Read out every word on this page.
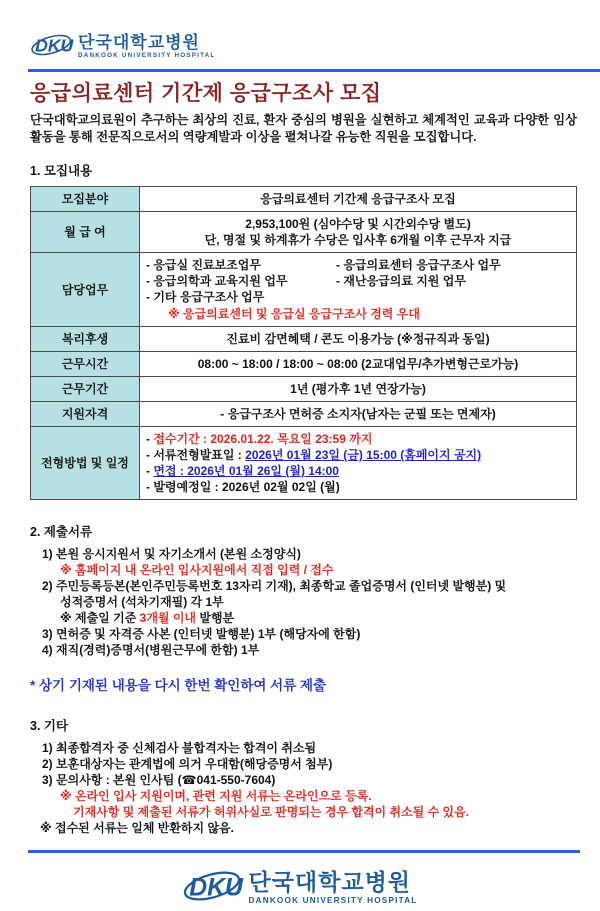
DKU 단국대학교병원
DANKOOK UNIVERSITY HOSPITAL
응급의료센터 기간제 응급구조사 모집
단국대학교의료원이 추구하는 최상의 진료, 환자 중심의 병원을 실현하고 체계적인 교육과 다양한 임상활동을 통해 전문직으로서의 역량계발과 이상을 펼쳐나갈 유능한 직원을 모집합니다.
1. 모집내용
모집분야	응급의료센터 기간제 응급구조사 모집
월 급 여	2,953,100원 (심야수당 및 시간외수당 별도)
단, 명절 및 하계휴가 수당은 입사후 6개월 이후 근무자 지급

담당업무	
- 응급실 진료보조업무	- 응급의료센터 응급구조사 업무
- 응급의학과 교육지원 업무	- 재난응급의료 지원 업무
- 기타 응급구조사 업무
※ 응급의료센터 및 응급실 응급구조사 경력 우대

복리후생	진료비 감면혜택 / 콘도 이용가능 (※정규직과 동일)
근무시간	08:00 ~ 18:00 / 18:00 ~ 08:00 (2교대업무/추가변형근로가능)
근무기간	1년 (평가후 1년 연장가능)
지원자격	- 응급구조사 면허증 소지자(남자는 군필 또는 면제자)
전형방법 및 일정	- 접수기간 : 2026.01.22. 목요일 23:59 까지
- 서류전형발표일 : 2026년 01월 23일 (금) 15:00 (홈페이지 공지)
- 면접 : 2026년 01월 26일 (월) 14:00
- 발령예정일 : 2026년 02월 02일 (월)
2. 제출서류
1) 본원 응시지원서 및 자기소개서 (본원 소정양식)
※ 홈페이지 내 온라인 입사지원에서 직접 입력 / 접수
2) 주민등록등본(본인주민등록번호 13자리 기재), 최종학교 졸업증명서 (인터넷 발행분) 및
성적증명서 (석차기재필) 각 1부
※ 제출일 기준 3개월 이내 발행분
3) 면허증 및 자격증 사본 (인터넷 발행분) 1부 (해당자에 한함)
4) 재직(경력)증명서(병원근무에 한함) 1부
* 상기 기재된 내용을 다시 한번 확인하여 서류 제출
3. 기타
1) 최종합격자 중 신체검사 불합격자는 합격이 취소됨
2) 보훈대상자는 관계법에 의거 우대함(해당증명서 첨부)
3) 문의사항 : 본원 인사팀 (☎041-550-7604)
※ 온라인 입사 지원이며, 관련 지원 서류는 온라인으로 등록.
기재사항 및 제출된 서류가 허위사실로 판명되는 경우 합격이 취소될 수 있음.
※ 접수된 서류는 일체 반환하지 않음.
DKU 단국대학교병원
DANKOOK UNIVERSITY HOSPITAL
